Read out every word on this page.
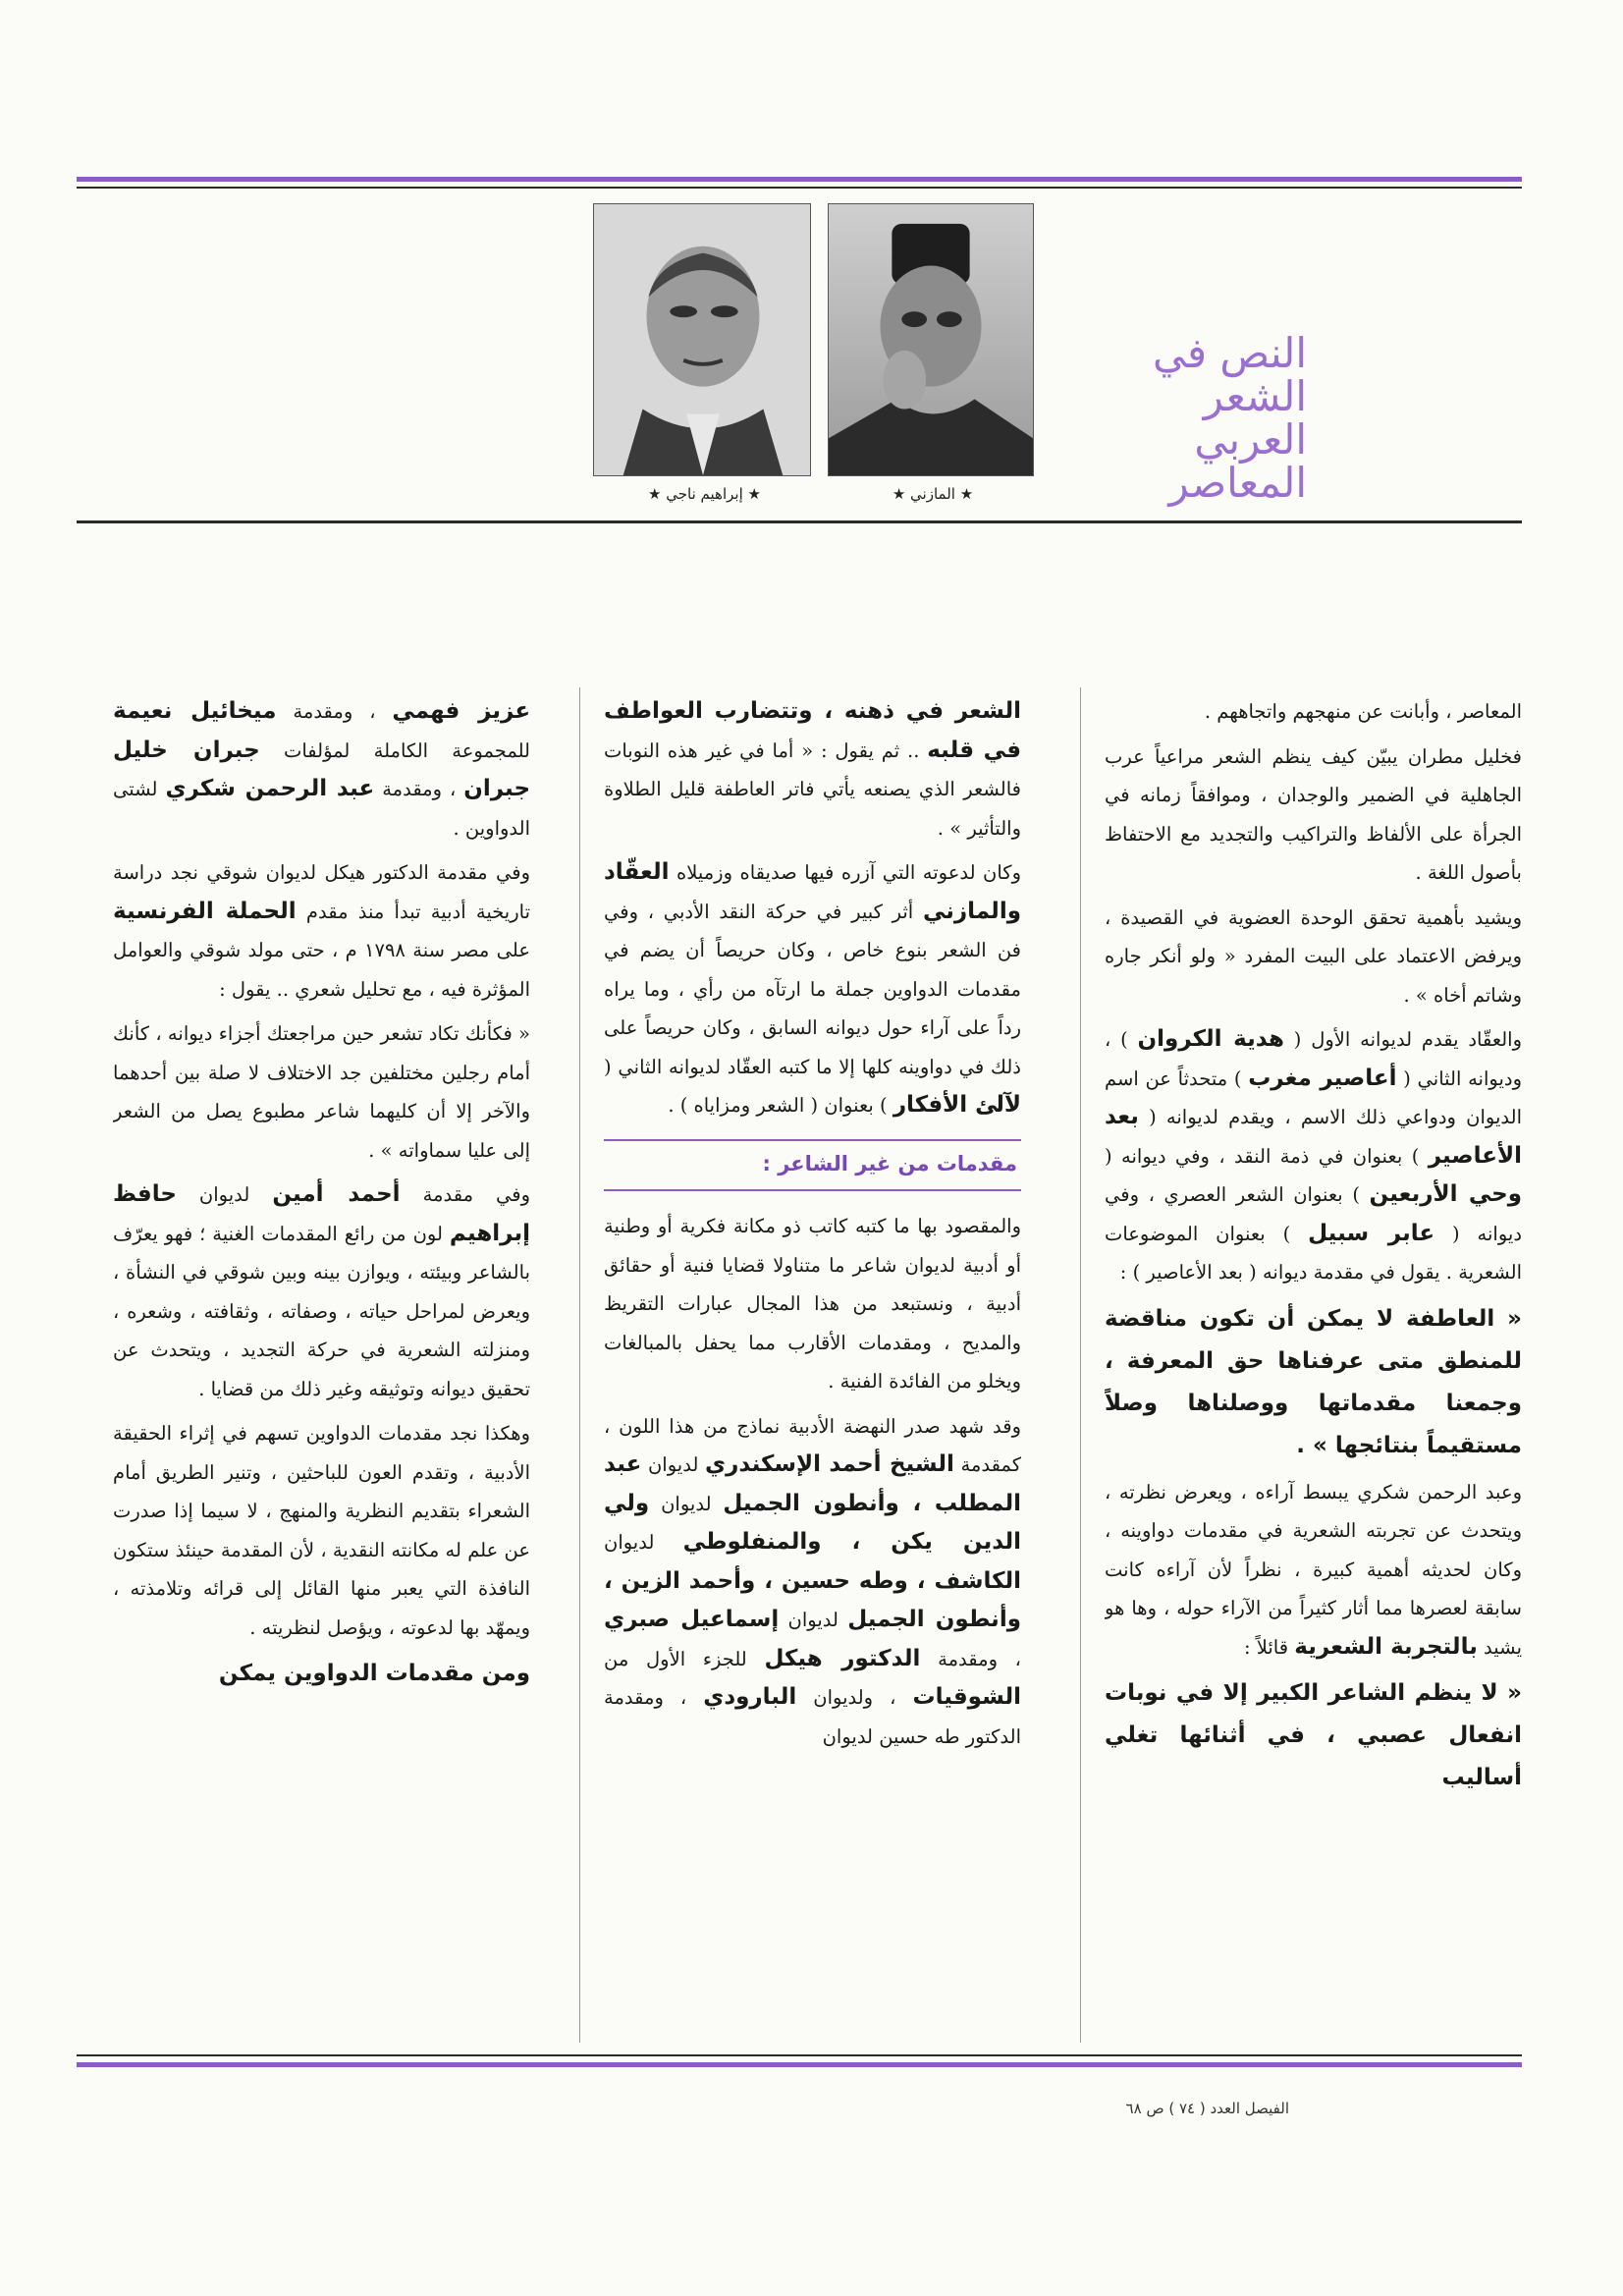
النص في
الشعر
العربي
المعاصر
★ المازني ★
★ إبراهيم ناجي ★

المعاصر ، وأبانت عن منهجهم واتجاههم .

فخليل مطران يبيّن كيف ينظم الشعر مراعياً عرب الجاهلية في الضمير والوجدان ، وموافقاً زمانه في الجرأة على الألفاظ والتراكيب والتجديد مع الاحتفاظ بأصول اللغة .

ويشيد بأهمية تحقق الوحدة العضوية في القصيدة ، ويرفض الاعتماد على البيت المفرد « ولو أنكر جاره وشاتم أخاه » .

والعقّاد يقدم لديوانه الأول ( هدية الكروان ) ، وديوانه الثاني ( أعاصير مغرب ) متحدثاً عن اسم الديوان ودواعي ذلك الاسم ، ويقدم لديوانه ( بعد الأعاصير ) بعنوان في ذمة النقد ، وفي ديوانه ( وحي الأربعين ) بعنوان الشعر العصري ، وفي ديوانه ( عابر سبيل ) بعنوان الموضوعات الشعرية . يقول في مقدمة ديوانه ( بعد الأعاصير ) :

« العاطفة لا يمكن أن تكون مناقضة للمنطق متى عرفناها حق المعرفة ، وجمعنا مقدماتها ووصلناها وصلاً مستقيماً بنتائجها » .

وعبد الرحمن شكري يبسط آراءه ، ويعرض نظرته ، ويتحدث عن تجربته الشعرية في مقدمات دواوينه ، وكان لحديثه أهمية كبيرة ، نظراً لأن آراءه كانت سابقة لعصرها مما أثار كثيراً من الآراء حوله ، وها هو يشيد بالتجربة الشعرية قائلاً :

« لا ينظم الشاعر الكبير إلا في نوبات انفعال عصبي ، في أثنائها تغلي أساليب

الشعر في ذهنه ، وتتضارب العواطف في قلبه .. ثم يقول : « أما في غير هذه النوبات فالشعر الذي يصنعه يأتي فاتر العاطفة قليل الطلاوة والتأثير » .

وكان لدعوته التي آزره فيها صديقاه وزميلاه العقّاد والمازني أثر كبير في حركة النقد الأدبي ، وفي فن الشعر بنوع خاص ، وكان حريصاً أن يضم في مقدمات الدواوين جملة ما ارتآه من رأي ، وما يراه رداً على آراء حول ديوانه السابق ، وكان حريصاً على ذلك في دواوينه كلها إلا ما كتبه العقّاد لديوانه الثاني ( لآلئ الأفكار ) بعنوان ( الشعر ومزاياه ) .

مقدمات من غير الشاعر :

والمقصود بها ما كتبه كاتب ذو مكانة فكرية أو وطنية أو أدبية لديوان شاعر ما متناولا قضايا فنية أو حقائق أدبية ، ونستبعد من هذا المجال عبارات التقريظ والمديح ، ومقدمات الأقارب مما يحفل بالمبالغات ويخلو من الفائدة الفنية .

وقد شهد صدر النهضة الأدبية نماذج من هذا اللون ، كمقدمة الشيخ أحمد الإسكندري لديوان عبد المطلب ، وأنطون الجميل لديوان ولي الدين يكن ، والمنفلوطي لديوان الكاشف ، وطه حسين ، وأحمد الزين ، وأنطون الجميل لديوان إسماعيل صبري ، ومقدمة الدكتور هيكل للجزء الأول من الشوقيات ، ولديوان البارودي ، ومقدمة الدكتور طه حسين لديوان

عزيز فهمي ، ومقدمة ميخائيل نعيمة للمجموعة الكاملة لمؤلفات جبران خليل جبران ، ومقدمة عبد الرحمن شكري لشتى الدواوين .

وفي مقدمة الدكتور هيكل لديوان شوقي نجد دراسة تاريخية أدبية تبدأ منذ مقدم الحملة الفرنسية على مصر سنة ١٧٩٨ م ، حتى مولد شوقي والعوامل المؤثرة فيه ، مع تحليل شعري .. يقول :

« فكأنك تكاد تشعر حين مراجعتك أجزاء ديوانه ، كأنك أمام رجلين مختلفين جد الاختلاف لا صلة بين أحدهما والآخر إلا أن كليهما شاعر مطبوع يصل من الشعر إلى عليا سماواته » .

وفي مقدمة أحمد أمين لديوان حافظ إبراهيم لون من رائع المقدمات الغنية ؛ فهو يعرّف بالشاعر وبيئته ، ويوازن بينه وبين شوقي في النشأة ، ويعرض لمراحل حياته ، وصفاته ، وثقافته ، وشعره ، ومنزلته الشعرية في حركة التجديد ، ويتحدث عن تحقيق ديوانه وتوثيقه وغير ذلك من قضايا .

وهكذا نجد مقدمات الدواوين تسهم في إثراء الحقيقة الأدبية ، وتقدم العون للباحثين ، وتنير الطريق أمام الشعراء بتقديم النظرية والمنهج ، لا سيما إذا صدرت عن علم له مكانته النقدية ، لأن المقدمة حينئذ ستكون النافذة التي يعبر منها القائل إلى قرائه وتلامذته ، ويمهّد بها لدعوته ، ويؤصل لنظريته .

ومن مقدمات الدواوين يمكن

الفيصل العدد ( ٧٤ ) ص ٦٨
